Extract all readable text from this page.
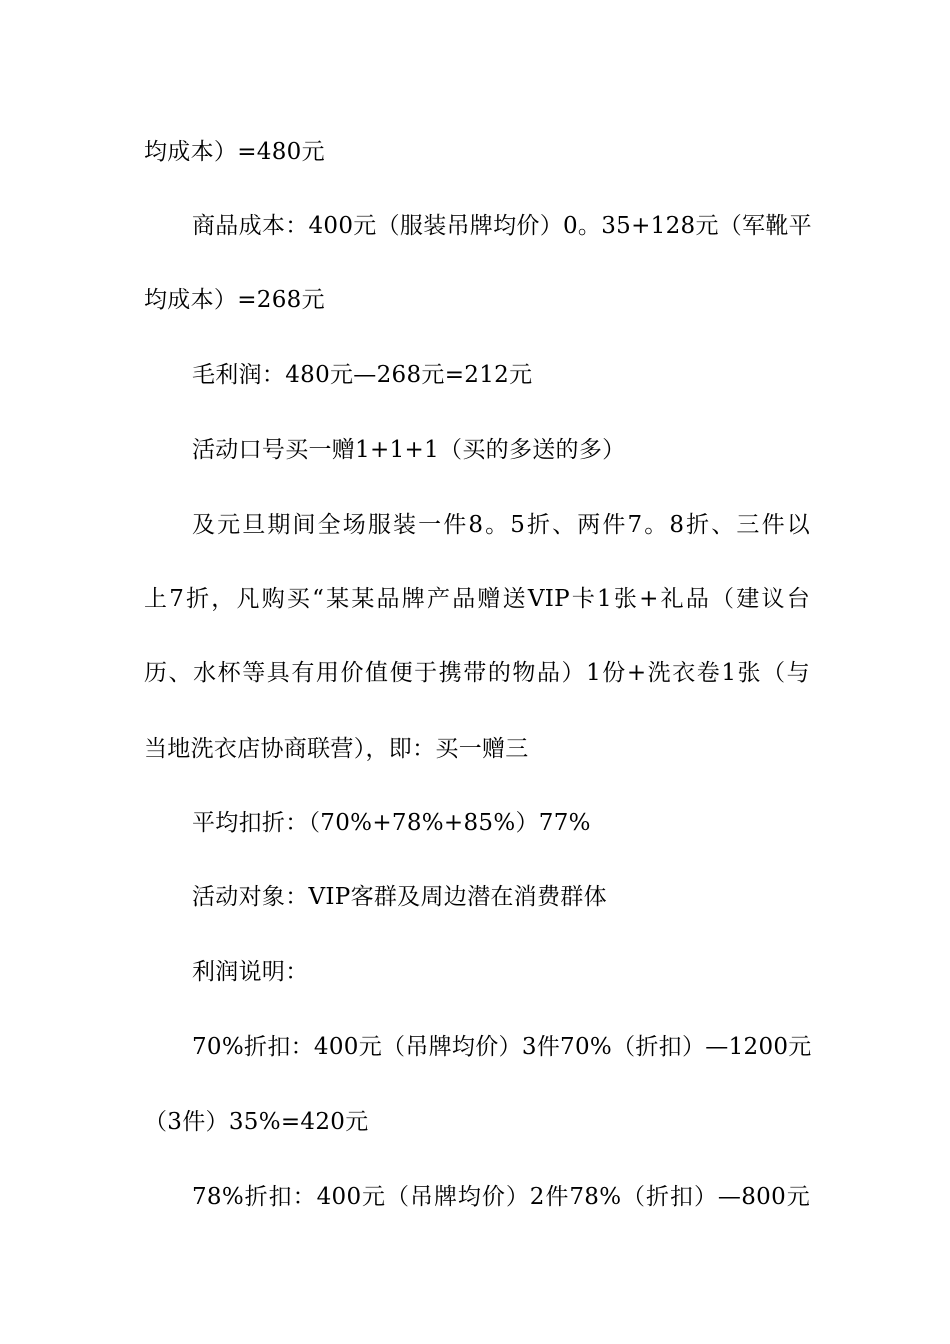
均成本）=480元

商品成本：400元（服装吊牌均价）0。35+128元（军靴平

均成本）=268元

毛利润：480元—268元=212元

活动口号买一赠1+1+1（买的多送的多）

及元旦期间全场服装一件8。5折、两件7。8折、三件以

上7折，凡购买“某某品牌产品赠送VIP卡1张+礼品（建议台

历、水杯等具有用价值便于携带的物品）1份+洗衣卷1张（与

当地洗衣店协商联营），即：买一赠三

平均扣折：（70%+78%+85%）77%

活动对象：VIP客群及周边潜在消费群体

利润说明：

70%折扣：400元（吊牌均价）3件70%（折扣）—1200元

（3件）35%=420元

78%折扣：400元（吊牌均价）2件78%（折扣）—800元
